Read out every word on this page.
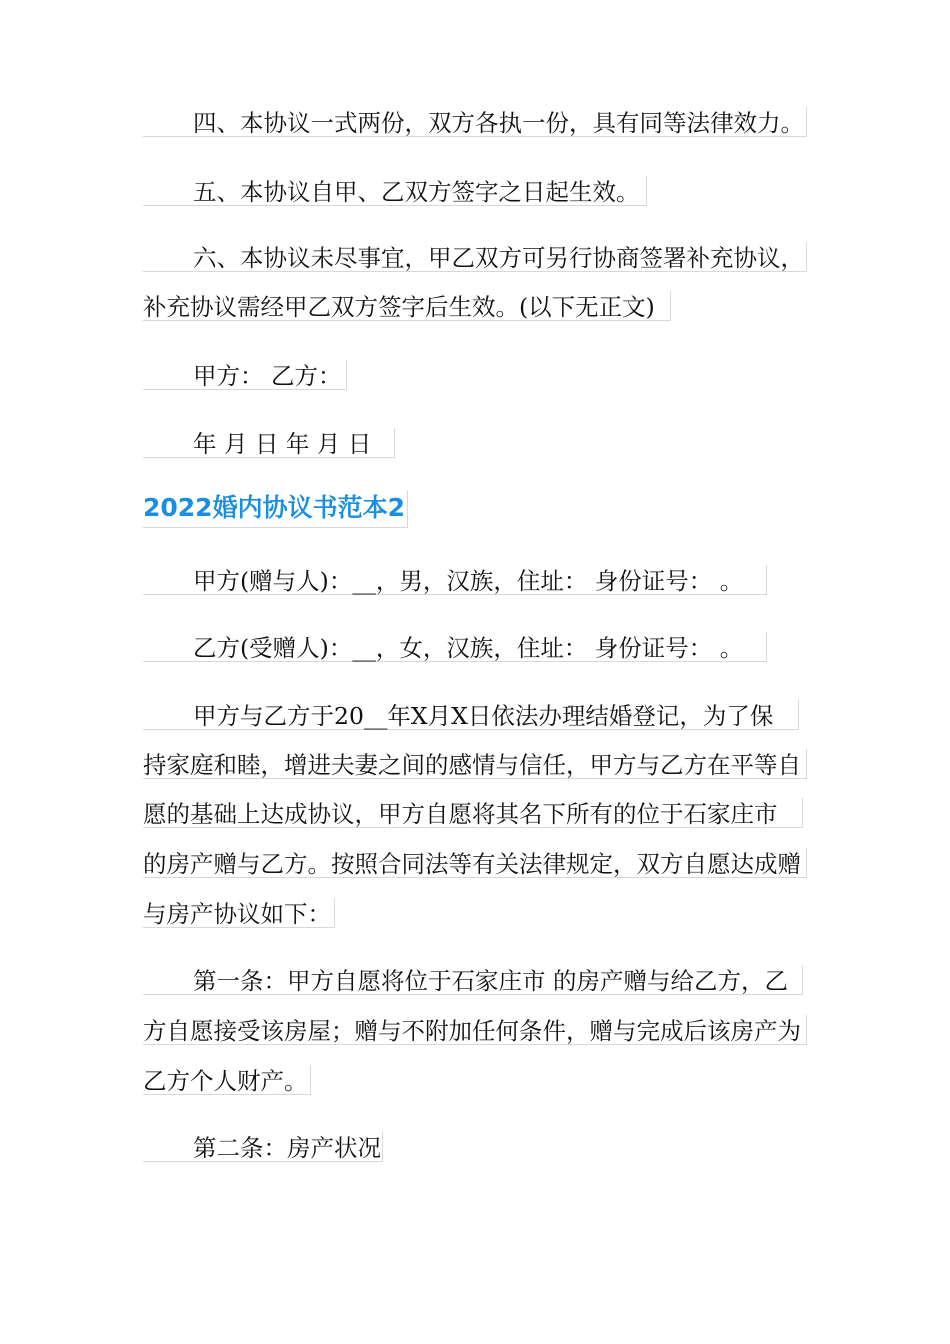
四、本协议一式两份，双方各执一份，具有同等法律效力。
五、本协议自甲、乙双方签字之日起生效。
六、本协议未尽事宜，甲乙双方可另行协商签署补充协议，
补充协议需经甲乙双方签字后生效。(以下无正文)
甲方： 乙方：
年 月 日 年 月 日
2022婚内协议书范本2
甲方(赠与人)：__，男，汉族，住址： 身份证号： 。
乙方(受赠人)：__，女，汉族，住址： 身份证号： 。
甲方与乙方于20__年X月X日依法办理结婚登记，为了保
持家庭和睦，增进夫妻之间的感情与信任，甲方与乙方在平等自
愿的基础上达成协议，甲方自愿将其名下所有的位于石家庄市
的房产赠与乙方。按照合同法等有关法律规定，双方自愿达成赠
与房产协议如下：
第一条：甲方自愿将位于石家庄市 的房产赠与给乙方，乙
方自愿接受该房屋；赠与不附加任何条件，赠与完成后该房产为
乙方个人财产。
第二条：房产状况
